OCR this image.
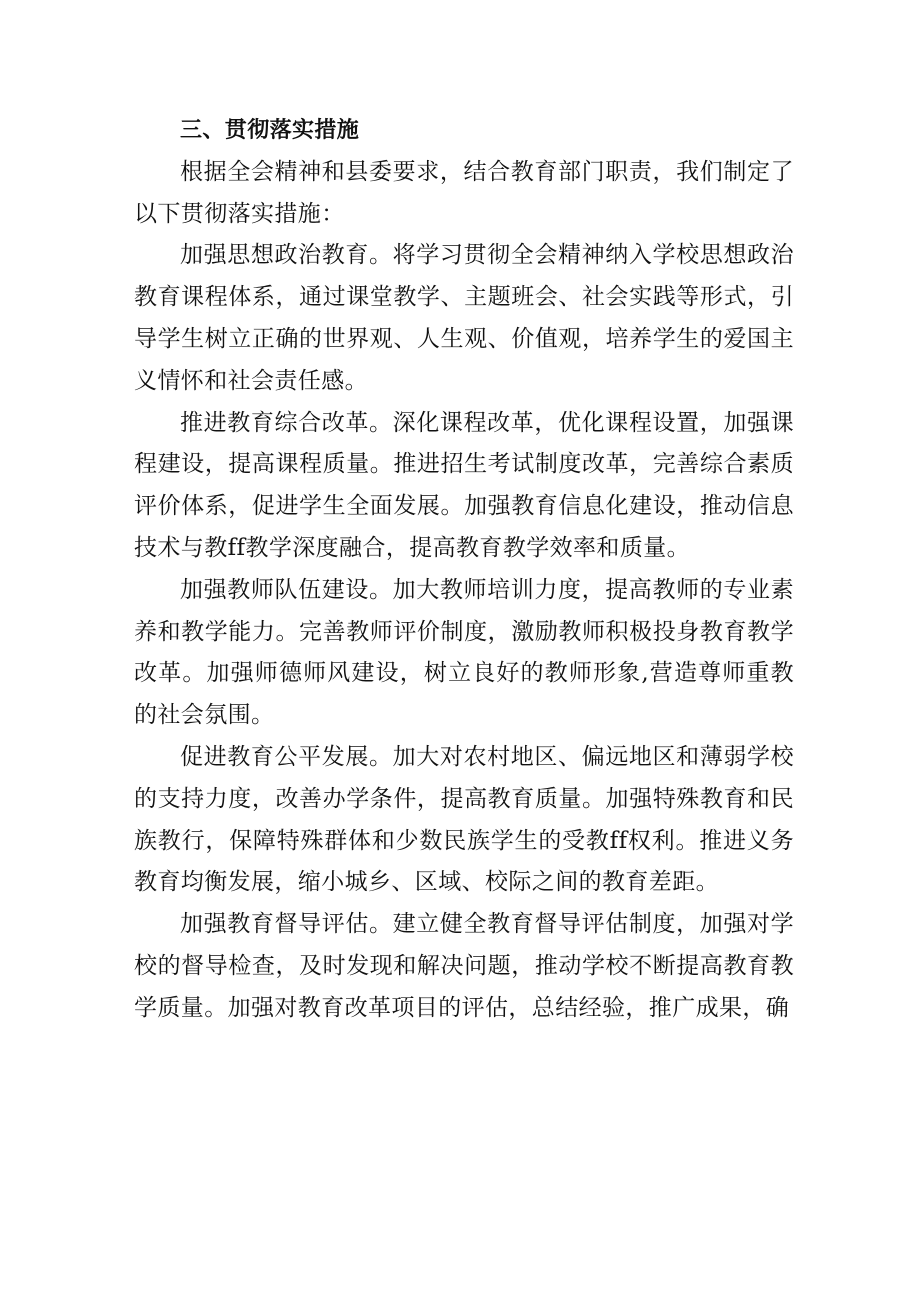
三、贯彻落实措施

根据全会精神和县委要求，结合教育部门职责，我们制定了以下贯彻落实措施：

加强思想政治教育。将学习贯彻全会精神纳入学校思想政治教育课程体系，通过课堂教学、主题班会、社会实践等形式，引导学生树立正确的世界观、人生观、价值观，培养学生的爱国主义情怀和社会责任感。

推进教育综合改革。深化课程改革，优化课程设置，加强课程建设，提高课程质量。推进招生考试制度改革，完善综合素质评价体系，促进学生全面发展。加强教育信息化建设，推动信息技术与教ff教学深度融合，提高教育教学效率和质量。

加强教师队伍建设。加大教师培训力度，提高教师的专业素养和教学能力。完善教师评价制度，激励教师积极投身教育教学改革。加强师德师风建设，树立良好的教师形象,营造尊师重教的社会氛围。

促进教育公平发展。加大对农村地区、偏远地区和薄弱学校的支持力度，改善办学条件，提高教育质量。加强特殊教育和民族教行，保障特殊群体和少数民族学生的受教ff权利。推进义务教育均衡发展，缩小城乡、区域、校际之间的教育差距。

加强教育督导评估。建立健全教育督导评估制度，加强对学校的督导检查，及时发现和解决问题，推动学校不断提高教育教学质量。加强对教育改革项目的评估，总结经验，推广成果，确
